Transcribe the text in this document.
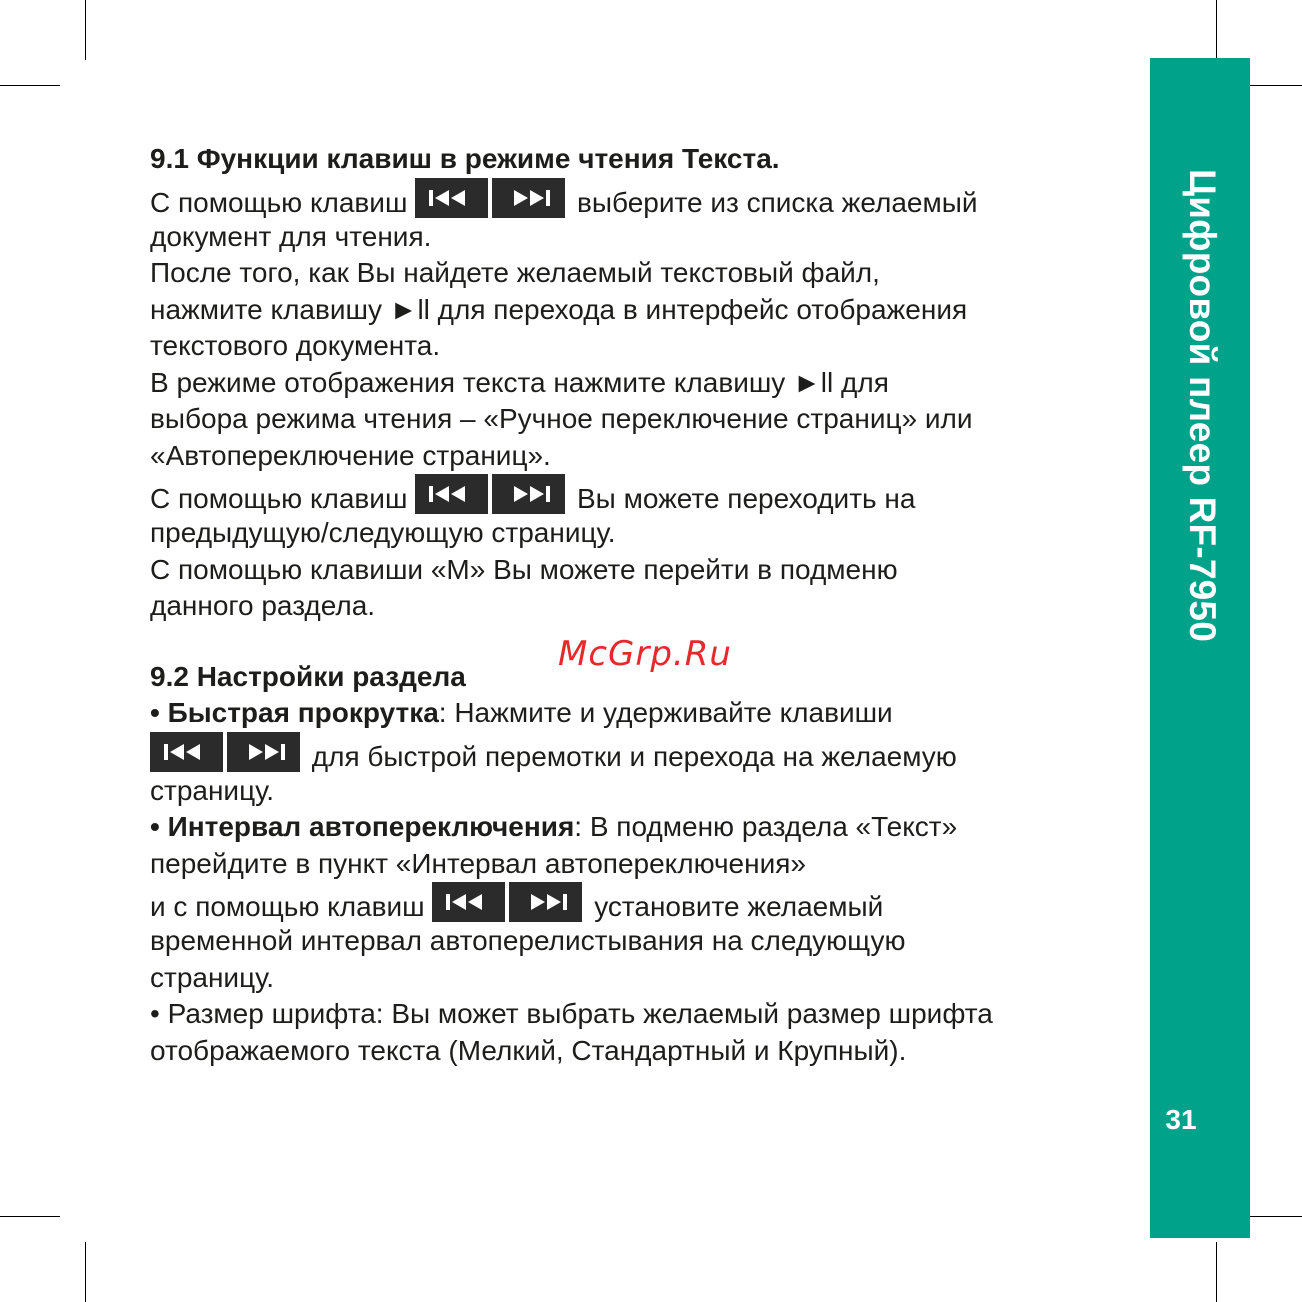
Цифровой плеер RF-7950
31
McGrp.Ru
9.1 Функции клавиш в режиме чтения Текста.
С помощью клавиш	выберите из списка желаемый
документ для чтения.
После того, как Вы найдете желаемый текстовый файл,
нажмите клавишу ►ll для перехода в интерфейс отображения
текстового документа.
В режиме отображения текста нажмите клавишу ►ll для
выбора режима чтения – «Ручное переключение страниц» или
«Автопереключение страниц».
С помощью клавиш	Вы можете переходить на
предыдущую/следующую страницу.
С помощью клавиши «М» Вы можете перейти в подменю
данного раздела.
9.2 Настройки раздела
• Быстрая прокрутка: Нажмите и удерживайте клавиши
для быстрой перемотки и перехода на желаемую
страницу.
• Интервал автопереключения: В подменю раздела «Текст»
перейдите в пункт «Интервал автопереключения»
и с помощью клавиш	установите желаемый
временной интервал автоперелистывания на следующую
страницу.
• Размер шрифта: Вы может выбрать желаемый размер шрифта
отображаемого текста (Мелкий, Стандартный и Крупный).
